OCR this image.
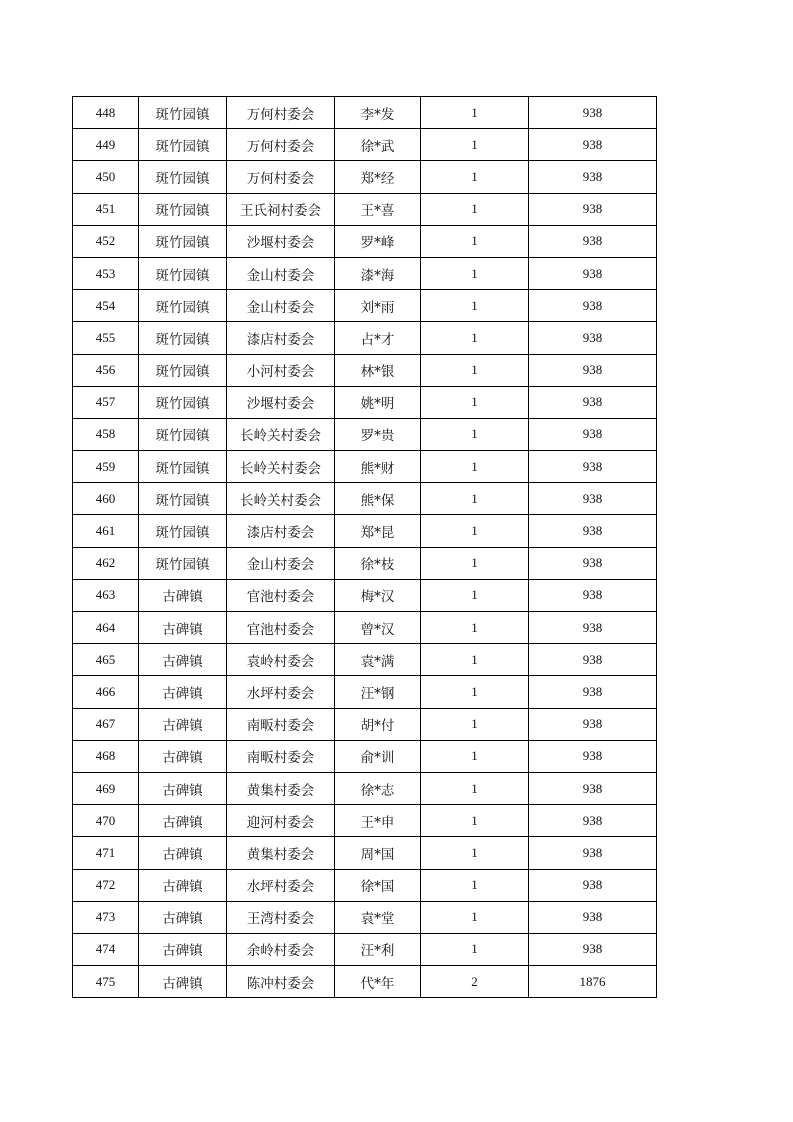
448	斑竹园镇	万何村委会	李*发	1	938
449	斑竹园镇	万何村委会	徐*武	1	938
450	斑竹园镇	万何村委会	郑*经	1	938
451	斑竹园镇	王氏祠村委会	王*喜	1	938
452	斑竹园镇	沙堰村委会	罗*峰	1	938
453	斑竹园镇	金山村委会	漆*海	1	938
454	斑竹园镇	金山村委会	刘*雨	1	938
455	斑竹园镇	漆店村委会	占*才	1	938
456	斑竹园镇	小河村委会	林*银	1	938
457	斑竹园镇	沙堰村委会	姚*明	1	938
458	斑竹园镇	长岭关村委会	罗*贵	1	938
459	斑竹园镇	长岭关村委会	熊*财	1	938
460	斑竹园镇	长岭关村委会	熊*保	1	938
461	斑竹园镇	漆店村委会	郑*昆	1	938
462	斑竹园镇	金山村委会	徐*枝	1	938
463	古碑镇	官池村委会	梅*汉	1	938
464	古碑镇	官池村委会	曾*汉	1	938
465	古碑镇	袁岭村委会	袁*满	1	938
466	古碑镇	水坪村委会	汪*钢	1	938
467	古碑镇	南畈村委会	胡*付	1	938
468	古碑镇	南畈村委会	俞*训	1	938
469	古碑镇	黄集村委会	徐*志	1	938
470	古碑镇	迎河村委会	王*申	1	938
471	古碑镇	黄集村委会	周*国	1	938
472	古碑镇	水坪村委会	徐*国	1	938
473	古碑镇	王湾村委会	袁*堂	1	938
474	古碑镇	余岭村委会	汪*利	1	938
475	古碑镇	陈冲村委会	代*年	2	1876
